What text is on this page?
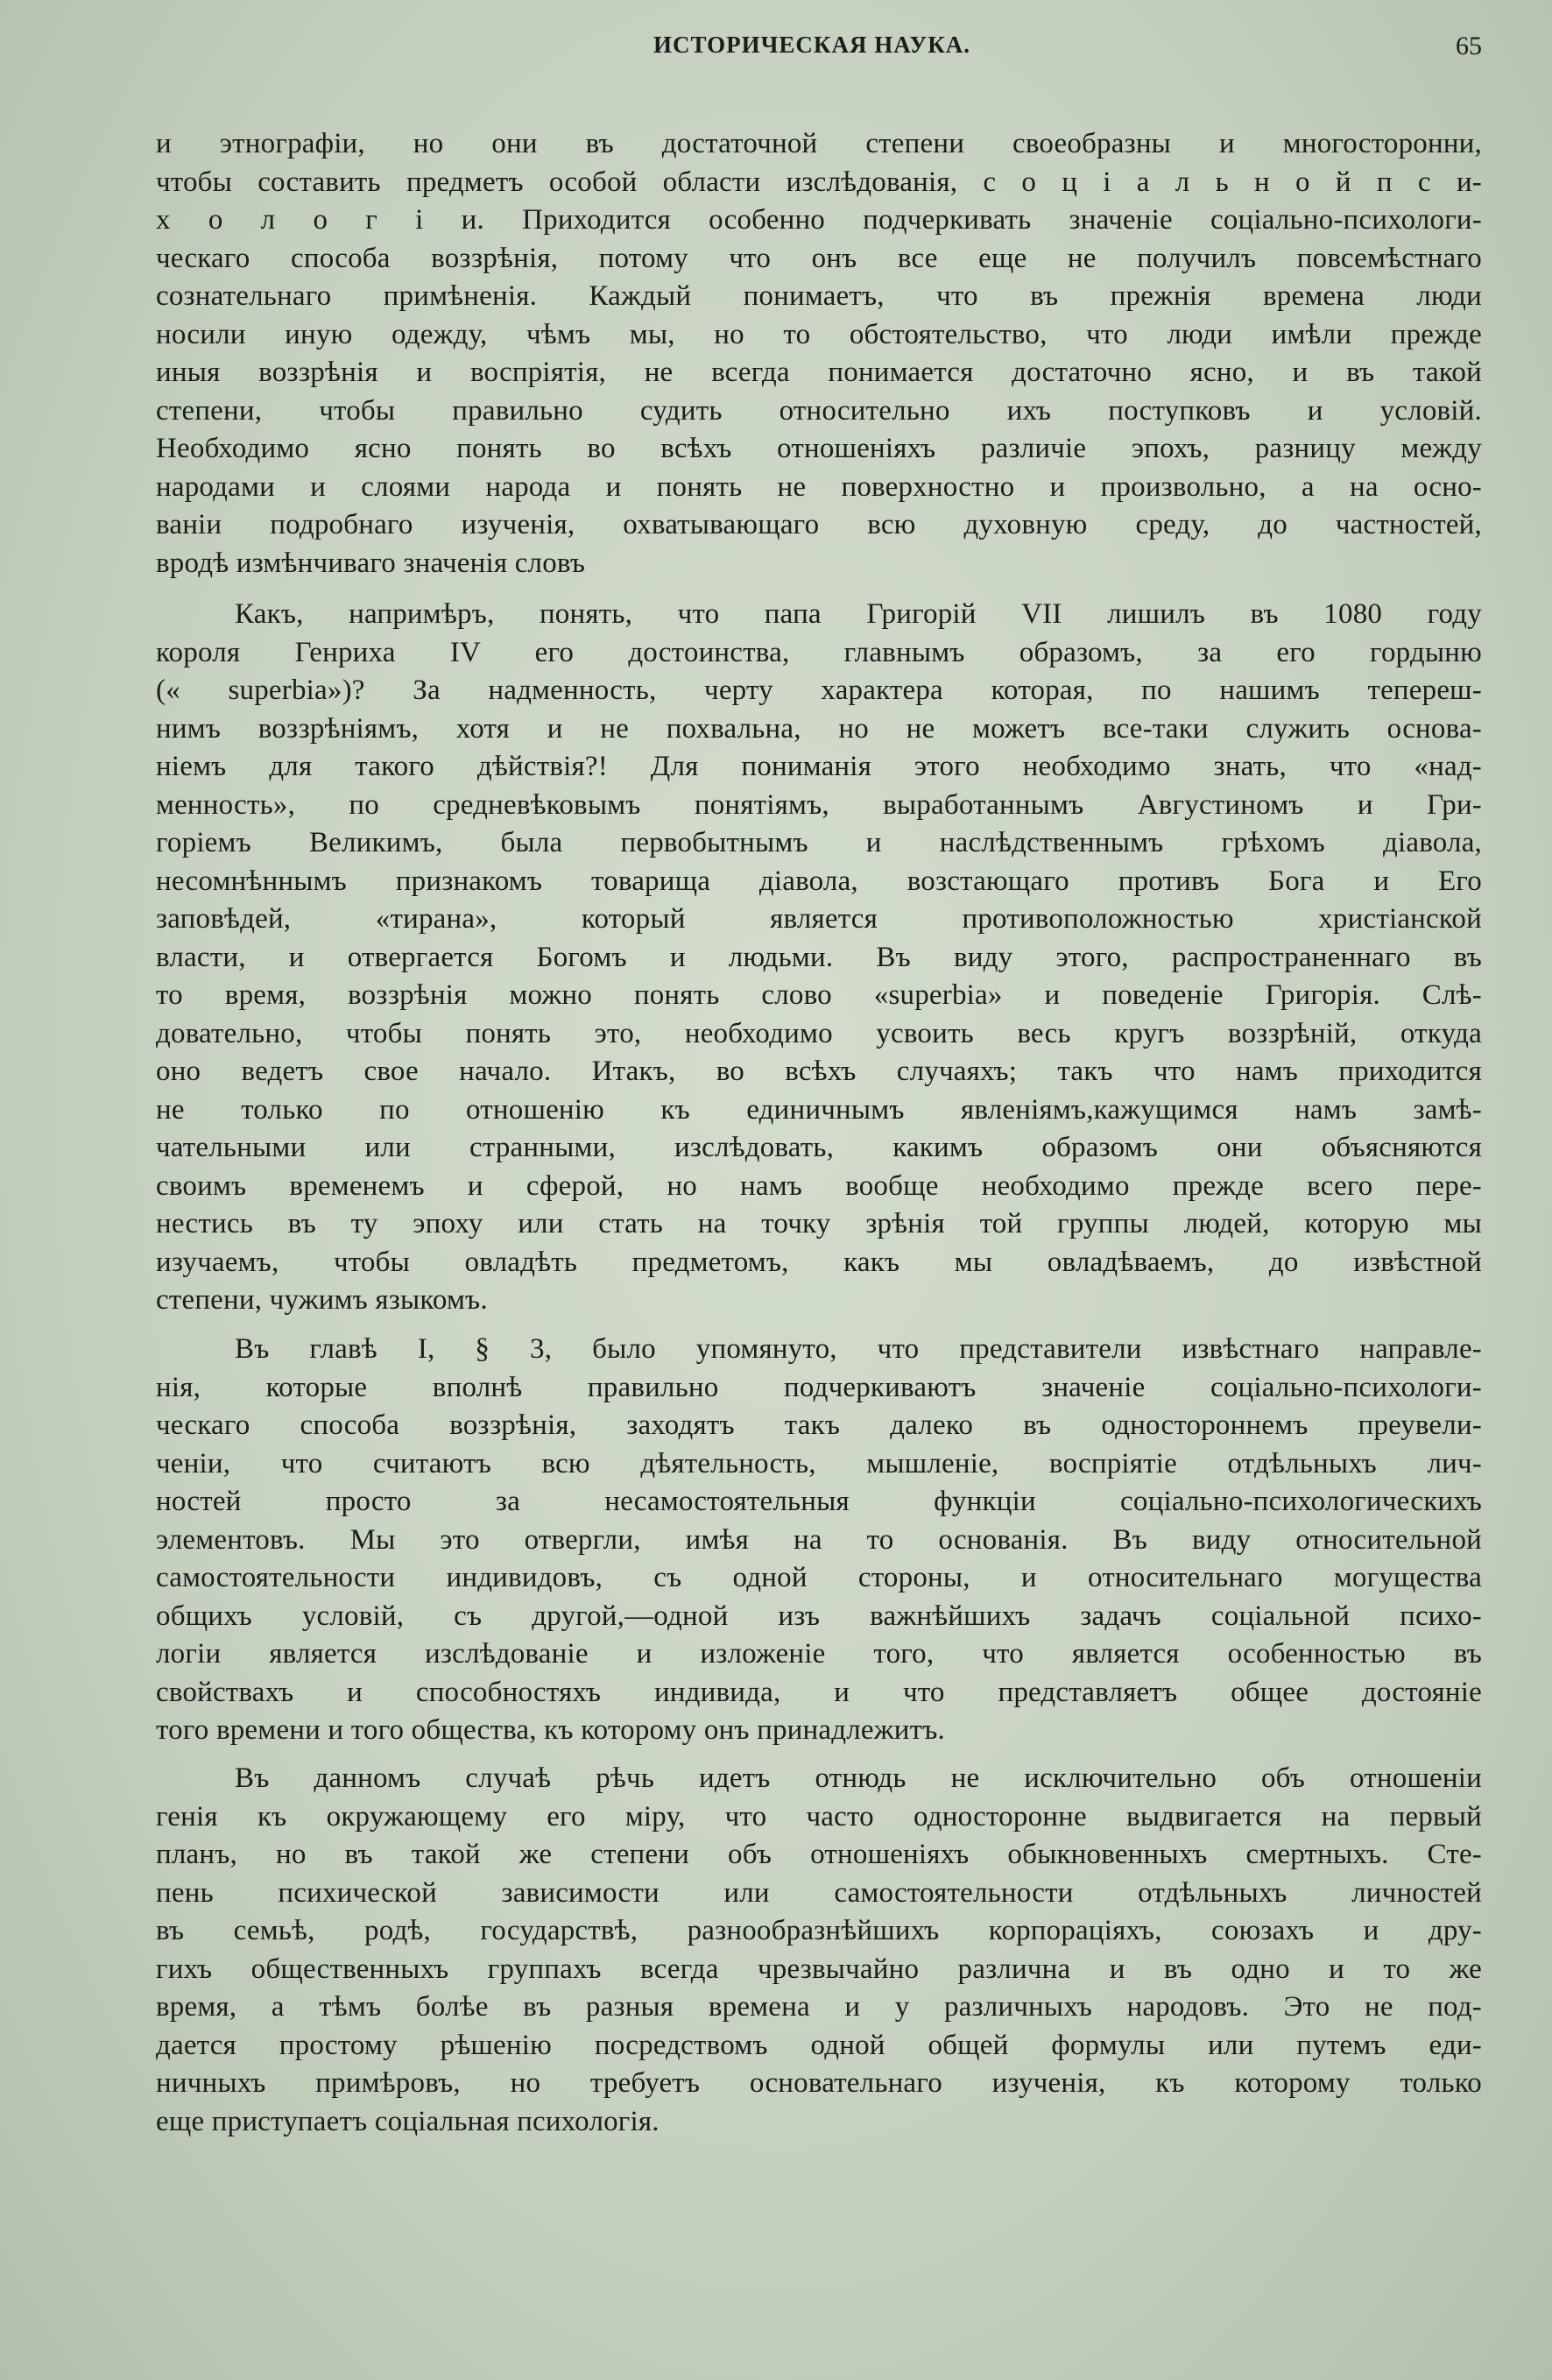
ИСТОРИЧЕСКАЯ НАУКА.	65
и этнографіи, но они въ достаточной степени своеобразны и многосторонни,
чтобы составить предметъ особой области изслѣдованія, с о ц і а л ь н о й п с и-
х о л о г і и. Приходится особенно подчеркивать значеніе соціально-психологи-
ческаго способа воззрѣнія, потому что онъ все еще не получилъ повсемѣстнаго
сознательнаго примѣненія. Каждый понимаетъ, что въ прежнія времена люди
носили иную одежду, чѣмъ мы, но то обстоятельство, что люди имѣли прежде
иныя воззрѣнія и воспріятія, не всегда понимается достаточно ясно, и въ такой
степени, чтобы правильно судить относительно ихъ поступковъ и условій.
Необходимо ясно понять во всѣхъ отношеніяхъ различіе эпохъ, разницу между
народами и слоями народа и понять не поверхностно и произвольно, а на осно-
ваніи подробнаго изученія, охватывающаго всю духовную среду, до частностей,
вродѣ измѣнчиваго значенія словъ
Какъ, напримѣръ, понять, что папа Григорій VII лишилъ въ 1080 году
короля Генриха IV его достоинства, главнымъ образомъ, за его гордыню
(« superbia»)? За надменность, черту характера которая, по нашимъ тепереш-
нимъ воззрѣніямъ, хотя и не похвальна, но не можетъ все-таки служить основа-
ніемъ для такого дѣйствія?! Для пониманія этого необходимо знать, что «над-
менность», по средневѣковымъ понятіямъ, выработаннымъ Августиномъ и Гри-
горіемъ Великимъ, была первобытнымъ и наслѣдственнымъ грѣхомъ діавола,
несомнѣннымъ признакомъ товарища діавола, возстающаго противъ Бога и Его
заповѣдей, «тирана», который является противоположностью христіанской
власти, и отвергается Богомъ и людьми. Въ виду этого, распространеннаго въ
то время, воззрѣнія можно понять слово «superbia» и поведеніе Григорія. Слѣ-
довательно, чтобы понять это, необходимо усвоить весь кругъ воззрѣній, откуда
оно ведетъ свое начало. Итакъ, во всѣхъ случаяхъ; такъ что намъ приходится
не только по отношенію къ единичнымъ явленіямъ,кажущимся намъ замѣ-
чательными или странными, изслѣдовать, какимъ образомъ они объясняются
своимъ временемъ и сферой, но намъ вообще необходимо прежде всего пере-
нестись въ ту эпоху или стать на точку зрѣнія той группы людей, которую мы
изучаемъ, чтобы овладѣть предметомъ, какъ мы овладѣваемъ, до извѣстной
степени, чужимъ языкомъ.
Въ главѣ I, § 3, было упомянуто, что представители извѣстнаго направле-
нія, которые вполнѣ правильно подчеркиваютъ значеніе соціально-психологи-
ческаго способа воззрѣнія, заходятъ такъ далеко въ одностороннемъ преувели-
ченіи, что считаютъ всю дѣятельность, мышленіе, воспріятіе отдѣльныхъ лич-
ностей просто за несамостоятельныя функціи соціально-психологическихъ
элементовъ. Мы это отвергли, имѣя на то основанія. Въ виду относительной
самостоятельности индивидовъ, съ одной стороны, и относительнаго могущества
общихъ условій, съ другой,—одной изъ важнѣйшихъ задачъ соціальной психо-
логіи является изслѣдованіе и изложеніе того, что является особенностью въ
свойствахъ и способностяхъ индивида, и что представляетъ общее достояніе
того времени и того общества, къ которому онъ принадлежитъ.
Въ данномъ случаѣ рѣчь идетъ отнюдь не исключительно объ отношеніи
генія къ окружающему его міру, что часто односторонне выдвигается на первый
планъ, но въ такой же степени объ отношеніяхъ обыкновенныхъ смертныхъ. Сте-
пень психической зависимости или самостоятельности отдѣльныхъ личностей
въ семьѣ, родѣ, государствѣ, разнообразнѣйшихъ корпораціяхъ, союзахъ и дру-
гихъ общественныхъ группахъ всегда чрезвычайно различна и въ одно и то же
время, а тѣмъ болѣе въ разныя времена и у различныхъ народовъ. Это не под-
дается простому рѣшенію посредствомъ одной общей формулы или путемъ еди-
ничныхъ примѣровъ, но требуетъ основательнаго изученія, къ которому только
еще приступаетъ соціальная психологія.
